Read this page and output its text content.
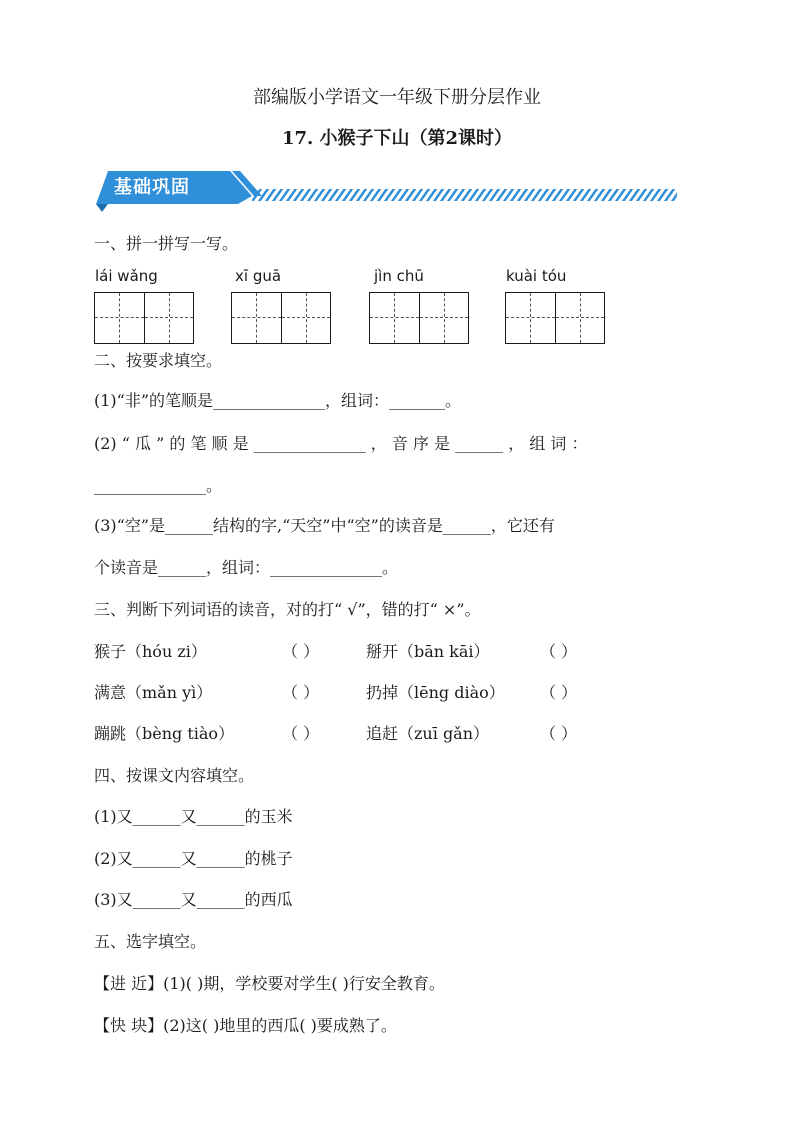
部编版小学语文一年级下册分层作业
17. 小猴子下山（第2课时）
基础巩固
一、拼一拼写一写。
lái wǎng	xī guā	jìn chū	kuài tóu
二、按要求填空。
(1)“非”的笔顺是______________，组词：_______。
(2) “ 瓜 ” 的 笔 顺 是 ______________ ， 音 序 是 ______ ， 组 词 ：
______________。
(3)“空”是______结构的字,“天空”中“空”的读音是______，它还有
个读音是______，组词：______________。
三、判断下列词语的读音，对的打“ √”，错的打“ ×”。
猴子（hóu zi）	（ ）	掰开（bān kāi）	（ ）
满意（mǎn yì）	（ ）	扔掉（lēng diào） （ ）
蹦跳（bèng tiào）	（ ）	追赶（zuī gǎn）	（ ）
四、按课文内容填空。
(1)又______又______的玉米
(2)又______又______的桃子
(3)又______又______的西瓜
五、选字填空。
【进 近】(1)( )期，学校要对学生( )行安全教育。
【快 块】(2)这( )地里的西瓜( )要成熟了。
